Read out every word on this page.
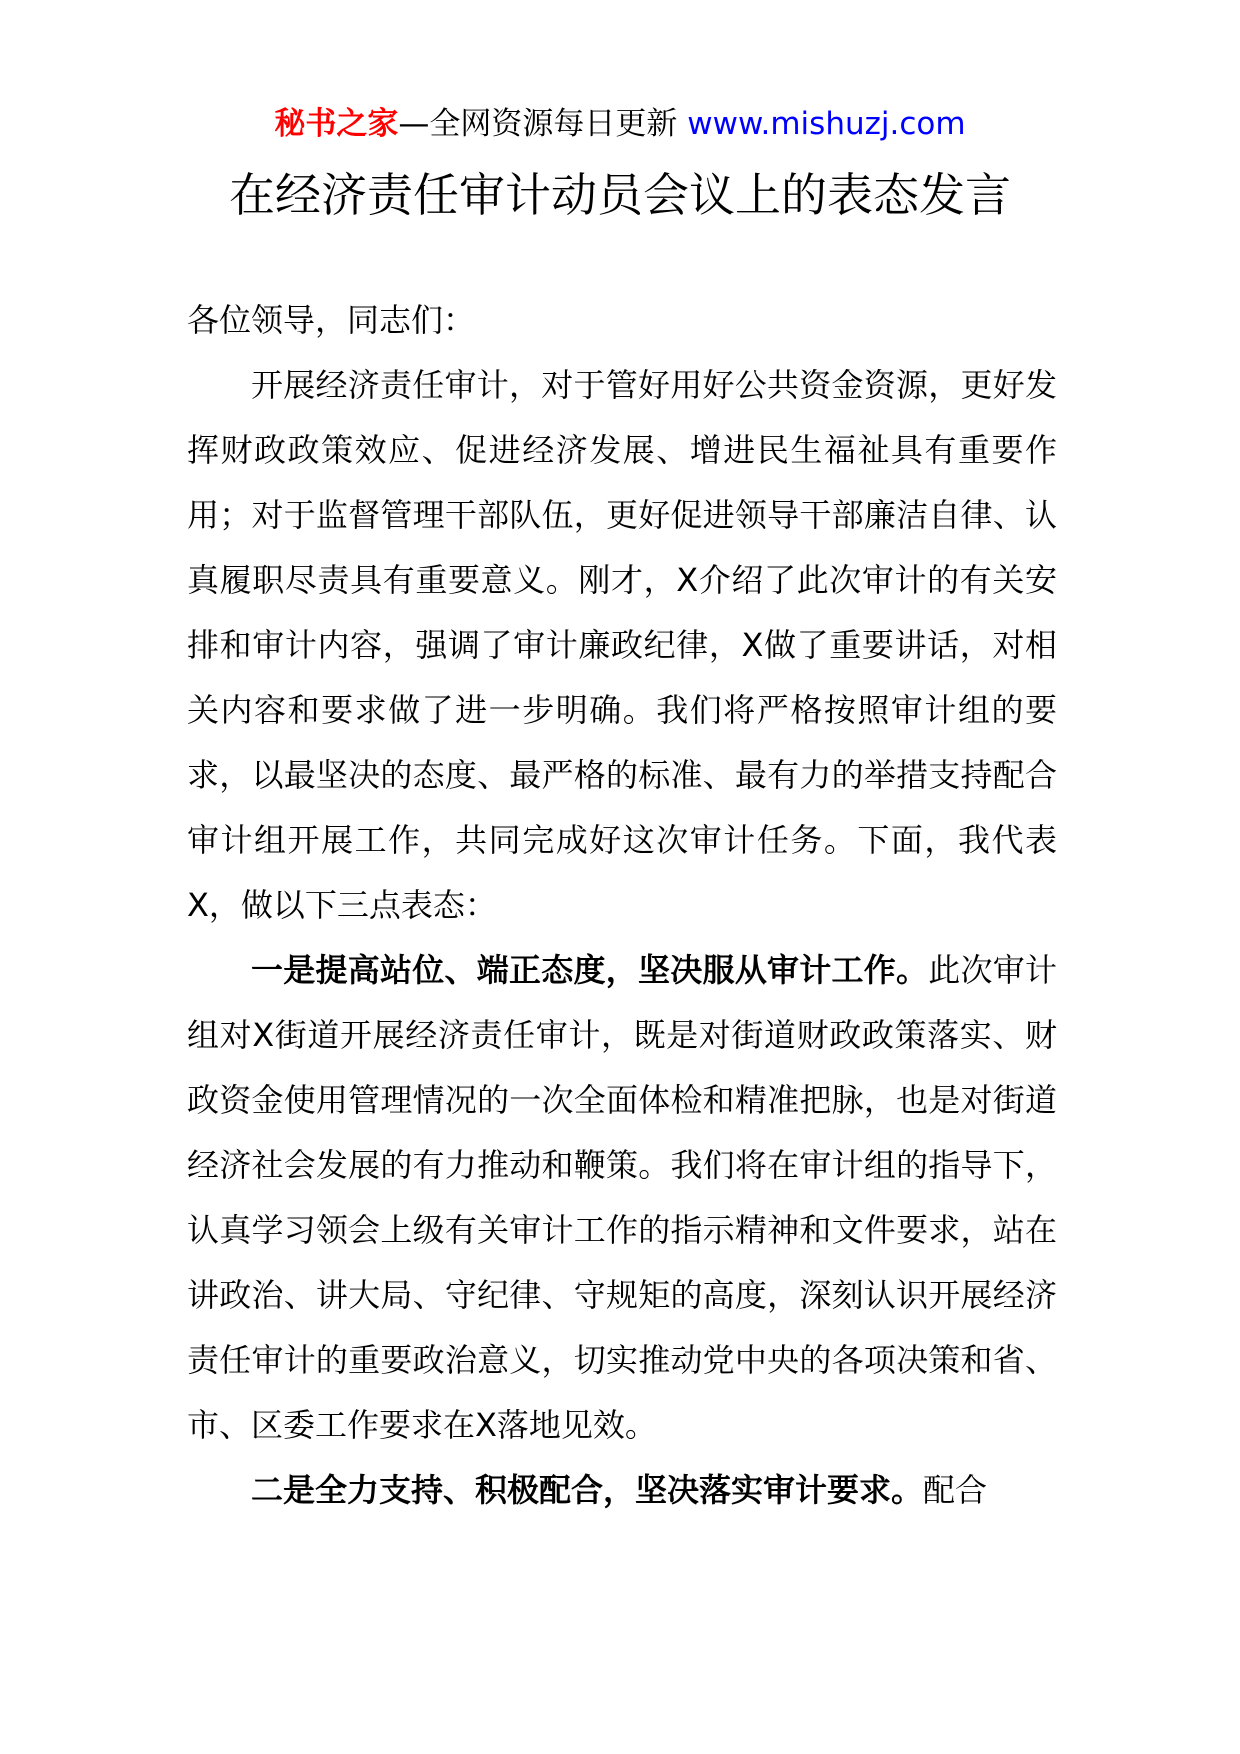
秘书之家—全网资源每日更新 www.mishuzj.com
在经济责任审计动员会议上的表态发言

各位领导，同志们：

开展经济责任审计，对于管好用好公共资金资源，更好发挥财政政策效应、促进经济发展、增进民生福祉具有重要作用；对于监督管理干部队伍，更好促进领导干部廉洁自律、认真履职尽责具有重要意义。刚才，X介绍了此次审计的有关安排和审计内容，强调了审计廉政纪律，X做了重要讲话，对相关内容和要求做了进一步明确。我们将严格按照审计组的要求，以最坚决的态度、最严格的标准、最有力的举措支持配合审计组开展工作，共同完成好这次审计任务。下面，我代表X，做以下三点表态：

一是提高站位、端正态度，坚决服从审计工作。此次审计组对X街道开展经济责任审计，既是对街道财政政策落实、财政资金使用管理情况的一次全面体检和精准把脉，也是对街道经济社会发展的有力推动和鞭策。我们将在审计组的指导下，认真学习领会上级有关审计工作的指示精神和文件要求，站在讲政治、讲大局、守纪律、守规矩的高度，深刻认识开展经济责任审计的重要政治意义，切实推动党中央的各项决策和省、市、区委工作要求在X落地见效。

二是全力支持、积极配合，坚决落实审计要求。配合
